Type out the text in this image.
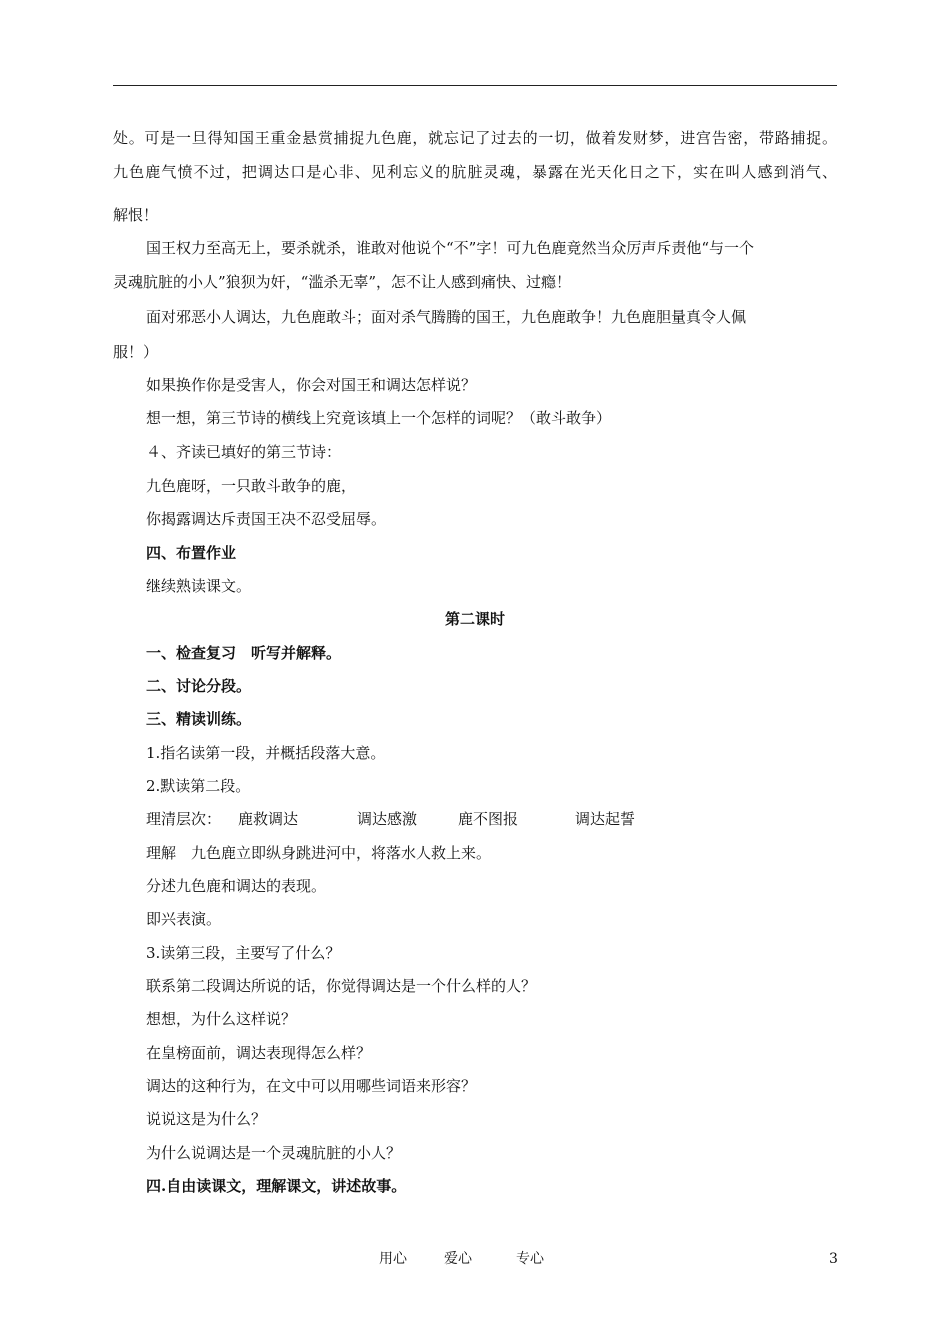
处。可是一旦得知国王重金悬赏捕捉九色鹿，就忘记了过去的一切，做着发财梦，进宫告密，带路捕捉。
九色鹿气愤不过，把调达口是心非、见利忘义的肮脏灵魂，暴露在光天化日之下，实在叫人感到消气、
解恨！
国王权力至高无上，要杀就杀，谁敢对他说个“不”字！可九色鹿竟然当众厉声斥责他“与一个
灵魂肮脏的小人”狼狈为奸，“滥杀无辜”，怎不让人感到痛快、过瘾！
面对邪恶小人调达，九色鹿敢斗；面对杀气腾腾的国王，九色鹿敢争！九色鹿胆量真令人佩
服！）
如果换作你是受害人，你会对国王和调达怎样说？
想一想，第三节诗的横线上究竟该填上一个怎样的词呢？（敢斗敢争）
４、齐读已填好的第三节诗：
九色鹿呀，一只敢斗敢争的鹿，
你揭露调达斥责国王决不忍受屈辱。
四、布置作业
继续熟读课文。
第二课时
一、检查复习　听写并解释。
二、讨论分段。
三、精读训练。
1.指名读第一段，并概括段落大意。
2.默读第二段。
理清层次： 鹿救调达	调达感激	鹿不图报	调达起誓
理解　九色鹿立即纵身跳进河中，将落水人救上来。
分述九色鹿和调达的表现。
即兴表演。
3.读第三段，主要写了什么？
联系第二段调达所说的话，你觉得调达是一个什么样的人？
想想，为什么这样说？
在皇榜面前，调达表现得怎么样？
调达的这种行为，在文中可以用哪些词语来形容？
说说这是为什么？
为什么说调达是一个灵魂肮脏的小人？
四.自由读课文，理解课文，讲述故事。
用心	爱心	专心	3
